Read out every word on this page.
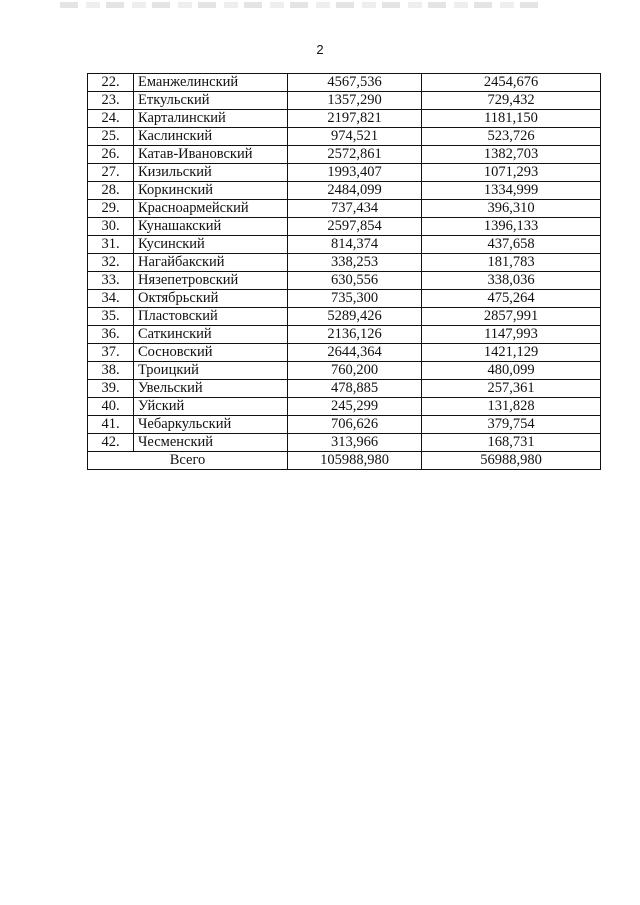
2
22.	Еманжелинский	4567,536	2454,676
23.	Еткульский	1357,290	729,432
24.	Карталинский	2197,821	1181,150
25.	Каслинский	974,521	523,726
26.	Катав-Ивановский	2572,861	1382,703
27.	Кизильский	1993,407	1071,293
28.	Коркинский	2484,099	1334,999
29.	Красноармейский	737,434	396,310
30.	Кунашакский	2597,854	1396,133
31.	Кусинский	814,374	437,658
32.	Нагайбакский	338,253	181,783
33.	Нязепетровский	630,556	338,036
34.	Октябрьский	735,300	475,264
35.	Пластовский	5289,426	2857,991
36.	Саткинский	2136,126	1147,993
37.	Сосновский	2644,364	1421,129
38.	Троицкий	760,200	480,099
39.	Увельский	478,885	257,361
40.	Уйский	245,299	131,828
41.	Чебаркульский	706,626	379,754
42.	Чесменский	313,966	168,731
Всего		105988,980	56988,980
